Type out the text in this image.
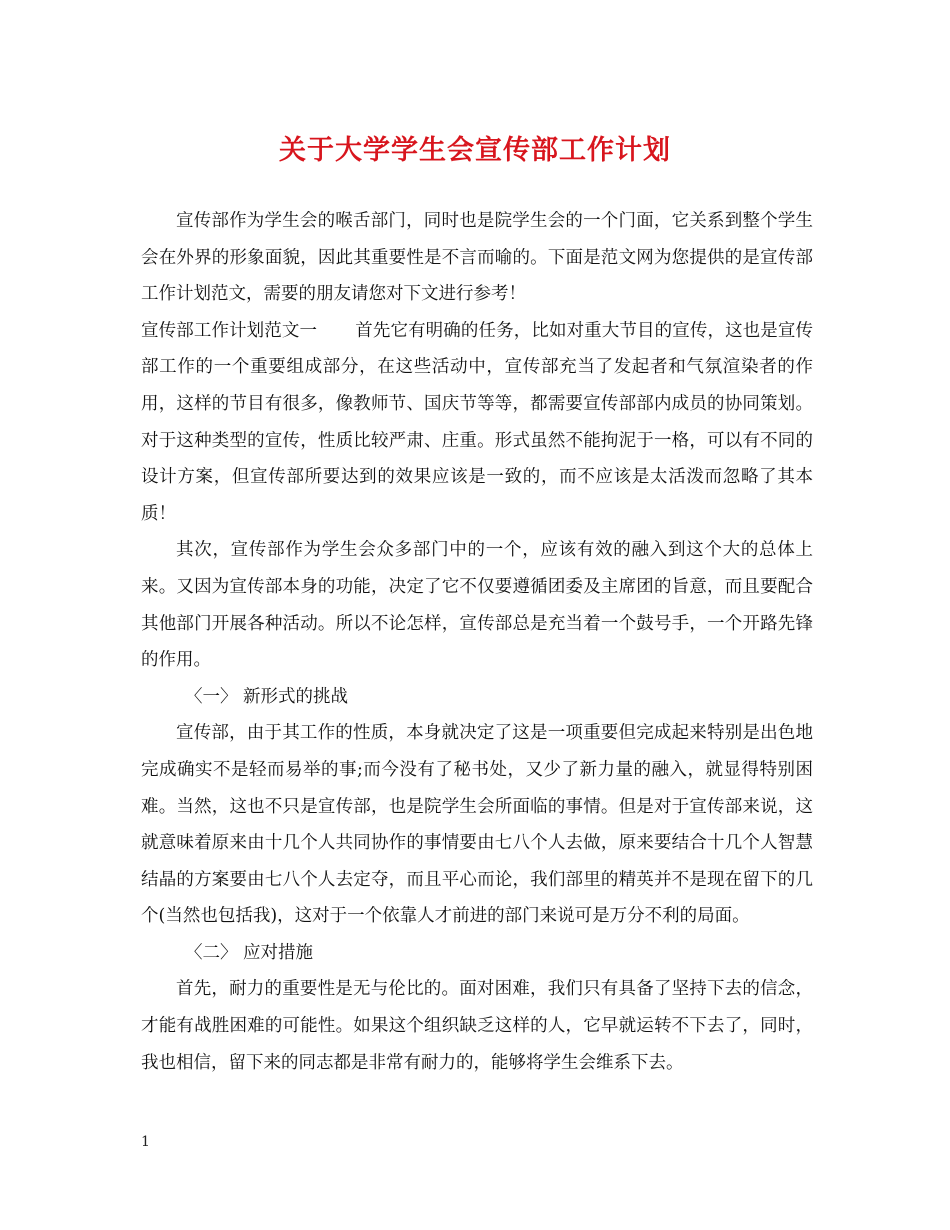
关于大学学生会宣传部工作计划

宣传部作为学生会的喉舌部门，同时也是院学生会的一个门面，它关系到整个学生会在外界的形象面貌，因此其重要性是不言而喻的。下面是范文网为您提供的是宣传部工作计划范文，需要的朋友请您对下文进行参考！

宣传部工作计划范文一 首先它有明确的任务，比如对重大节目的宣传，这也是宣传部工作的一个重要组成部分，在这些活动中，宣传部充当了发起者和气氛渲染者的作用，这样的节目有很多，像教师节、国庆节等等，都需要宣传部部内成员的协同策划。对于这种类型的宣传，性质比较严肃、庄重。形式虽然不能拘泥于一格，可以有不同的设计方案，但宣传部所要达到的效果应该是一致的，而不应该是太活泼而忽略了其本质！

其次，宣传部作为学生会众多部门中的一个，应该有效的融入到这个大的总体上来。又因为宣传部本身的功能，决定了它不仅要遵循团委及主席团的旨意，而且要配合其他部门开展各种活动。所以不论怎样，宣传部总是充当着一个鼓号手，一个开路先锋的作用。

〈一〉 新形式的挑战

宣传部，由于其工作的性质，本身就决定了这是一项重要但完成起来特别是出色地完成确实不是轻而易举的事;而今没有了秘书处，又少了新力量的融入，就显得特别困难。当然，这也不只是宣传部，也是院学生会所面临的事情。但是对于宣传部来说，这就意味着原来由十几个人共同协作的事情要由七八个人去做，原来要结合十几个人智慧结晶的方案要由七八个人去定夺，而且平心而论，我们部里的精英并不是现在留下的几个(当然也包括我)，这对于一个依靠人才前进的部门来说可是万分不利的局面。

〈二〉 应对措施

首先，耐力的重要性是无与伦比的。面对困难，我们只有具备了坚持下去的信念，才能有战胜困难的可能性。如果这个组织缺乏这样的人，它早就运转不下去了，同时，我也相信，留下来的同志都是非常有耐力的，能够将学生会维系下去。

1
